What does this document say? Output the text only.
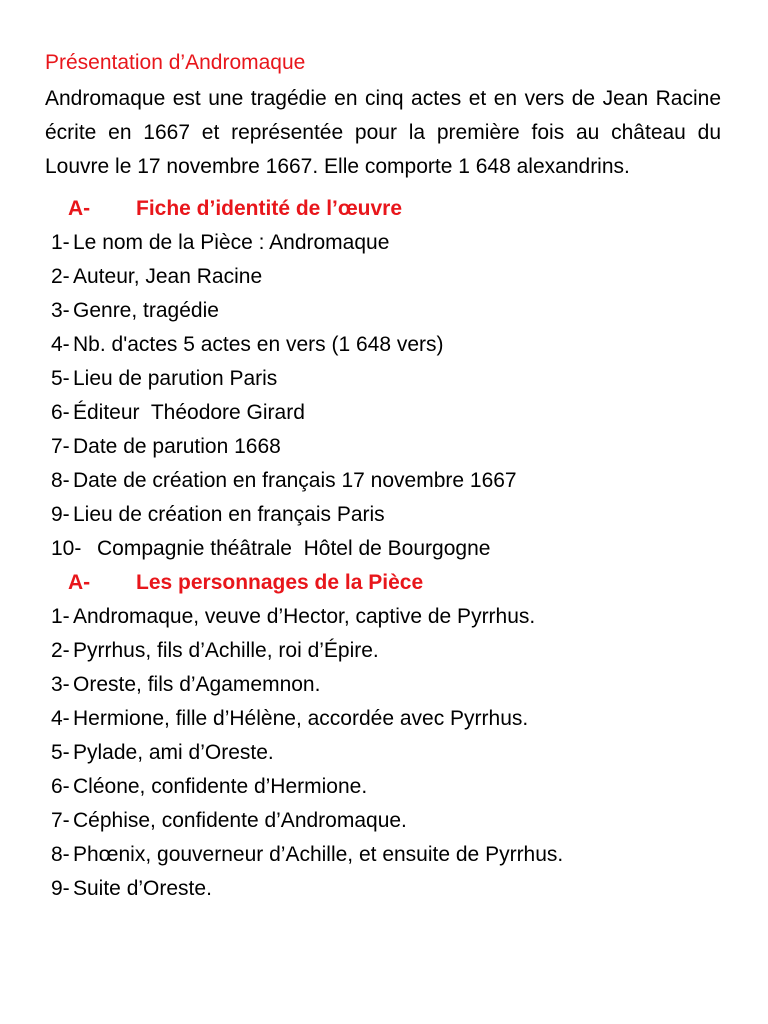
Présentation d’Andromaque

Andromaque est une tragédie en cinq actes et en vers de Jean Racine écrite en 1667 et représentée pour la première fois au château du Louvre le 17 novembre 1667. Elle comporte 1 648 alexandrins.

A-	Fiche d’identité de l’œuvre
1- Le nom de la Pièce : Andromaque
2- Auteur, Jean Racine
3- Genre, tragédie
4- Nb. d'actes 5 actes en vers (1 648 vers)
5- Lieu de parution Paris
6- Éditeur  Théodore Girard
7- Date de parution 1668
8- Date de création en français 17 novembre 1667
9- Lieu de création en français Paris
10- Compagnie théâtrale  Hôtel de Bourgogne
A-	Les personnages de la Pièce
1- Andromaque, veuve d’Hector, captive de Pyrrhus.
2- Pyrrhus, fils d’Achille, roi d’Épire.
3- Oreste, fils d’Agamemnon.
4- Hermione, fille d’Hélène, accordée avec Pyrrhus.
5- Pylade, ami d’Oreste.
6- Cléone, confidente d’Hermione.
7- Céphise, confidente d’Andromaque.
8- Phœnix, gouverneur d’Achille, et ensuite de Pyrrhus.
9- Suite d’Oreste.
